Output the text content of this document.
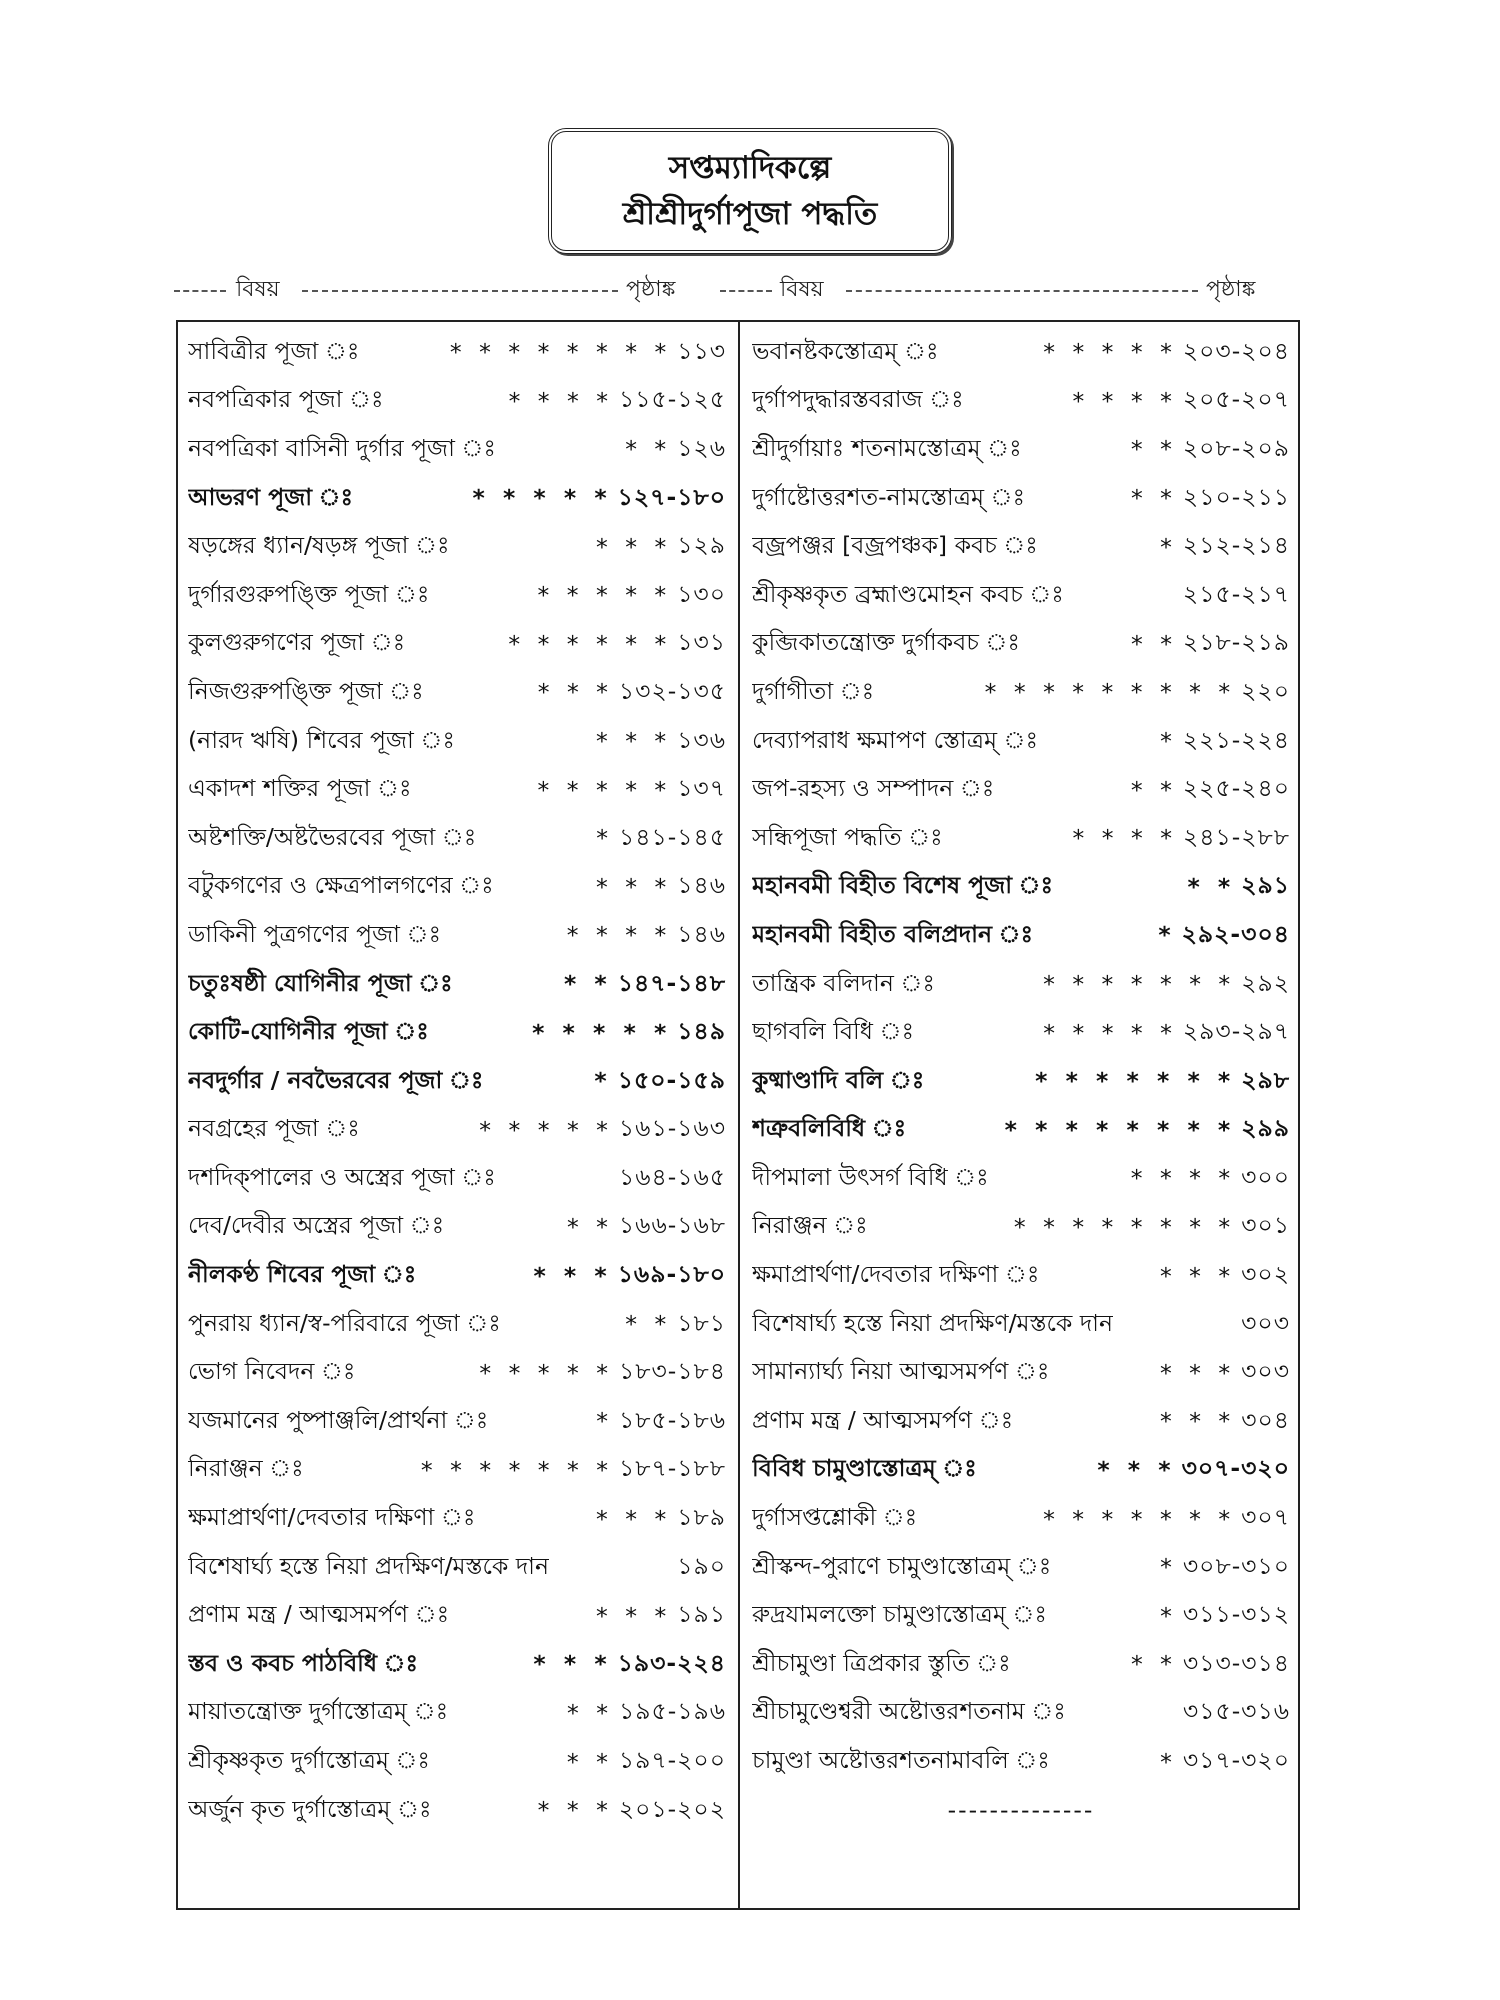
সপ্তম্যাদিকল্পে
শ্রীশ্রীদুর্গাপূজা পদ্ধতি
বিষয়	পৃষ্ঠাঙ্ক	বিষয়	পৃষ্ঠাঙ্ক
সাবিত্রীর পূজা ঃ	* * * * * * * * ১১৩
নবপত্রিকার পূজা ঃ	* * * * ১১৫-১২৫
নবপত্রিকা বাসিনী দুর্গার পূজা ঃ	* * ১২৬
আভরণ পূজা ঃ	* * * * * ১২৭-১৮০
ষড়ঙ্গের ধ্যান/ষড়ঙ্গ পূজা ঃ	* * * ১২৯
দুর্গারগুরুপঙ্ক্তি পূজা ঃ	* * * * * ১৩০
কুলগুরুগণের পূজা ঃ	* * * * * * ১৩১
নিজগুরুপঙ্ক্তি পূজা ঃ	* * * ১৩২-১৩৫
(নারদ ঋষি) শিবের পূজা ঃ	* * * ১৩৬
একাদশ শক্তির পূজা ঃ	* * * * * ১৩৭
অষ্টশক্তি/অষ্টভৈরবের পূজা ঃ	* ১৪১-১৪৫
বটুকগণের ও ক্ষেত্রপালগণের ঃ	* * * ১৪৬
ডাকিনী পুত্রগণের পূজা ঃ	* * * * ১৪৬
চতুঃষষ্ঠী যোগিনীর পূজা ঃ	* * ১৪৭-১৪৮
কোটি-যোগিনীর পূজা ঃ	* * * * * ১৪৯
নবদুর্গার / নবভৈরবের পূজা ঃ	* ১৫০-১৫৯
নবগ্রহের পূজা ঃ	* * * * * ১৬১-১৬৩
দশদিক্পালের ও অস্ত্রের পূজা ঃ	১৬৪-১৬৫
দেব/দেবীর অস্ত্রের পূজা ঃ	* * ১৬৬-১৬৮
নীলকণ্ঠ শিবের পূজা ঃ	* * * ১৬৯-১৮০
পুনরায় ধ্যান/স্ব-পরিবারে পূজা ঃ	* * ১৮১
ভোগ নিবেদন ঃ	* * * * * ১৮৩-১৮৪
যজমানের পুষ্পাঞ্জলি/প্রার্থনা ঃ	* ১৮৫-১৮৬
নিরাঞ্জন ঃ	* * * * * * * ১৮৭-১৮৮
ক্ষমাপ্রার্থণা/দেবতার দক্ষিণা ঃ	* * * ১৮৯
বিশেষার্ঘ্য হস্তে নিয়া প্রদক্ষিণ/মস্তকে দান	১৯০
প্রণাম মন্ত্র / আত্মসমর্পণ ঃ	* * * ১৯১
স্তব ও কবচ পাঠবিধি ঃ	* * * ১৯৩-২২৪
মায়াতন্ত্রোক্ত দুর্গাস্তোত্রম্ ঃ	* * ১৯৫-১৯৬
শ্রীকৃষ্ণকৃত দুর্গাস্তোত্রম্ ঃ	* * ১৯৭-২০০
অর্জুন কৃত দুর্গাস্তোত্রম্ ঃ	* * * ২০১-২০২
ভবানষ্টকস্তোত্রম্ ঃ	* * * * * ২০৩-২০৪
দুর্গাপদুদ্ধারস্তবরাজ ঃ	* * * * ২০৫-২০৭
শ্রীদুর্গায়াঃ শতনামস্তোত্রম্ ঃ	* * ২০৮-২০৯
দুর্গাষ্টোত্তরশত-নামস্তোত্রম্ ঃ	* * ২১০-২১১
বজ্রপঞ্জর [বজ্রপঞ্চক] কবচ ঃ	* ২১২-২১৪
শ্রীকৃষ্ণকৃত ব্রহ্মাণ্ডমোহন কবচ ঃ	২১৫-২১৭
কুব্জিকাতন্ত্রোক্ত দুর্গাকবচ ঃ	* * ২১৮-২১৯
দুর্গাগীতা ঃ	* * * * * * * * * ২২০
দেব্যাপরাধ ক্ষমাপণ স্তোত্রম্ ঃ	* ২২১-২২৪
জপ-রহস্য ও সম্পাদন ঃ	* * ২২৫-২৪০
সন্ধিপূজা পদ্ধতি ঃ	* * * * ২৪১-২৮৮
মহানবমী বিহীত বিশেষ পূজা ঃ	* * ২৯১
মহানবমী বিহীত বলিপ্রদান ঃ	* ২৯২-৩০৪
তান্ত্রিক বলিদান ঃ	* * * * * * * ২৯২
ছাগবলি বিধি ঃ	* * * * * ২৯৩-২৯৭
কুষ্মাণ্ডাদি বলি ঃ	* * * * * * * ২৯৮
শত্রুবলিবিধি ঃ	* * * * * * * * ২৯৯
দীপমালা উৎসর্গ বিধি ঃ	* * * * ৩০০
নিরাঞ্জন ঃ	* * * * * * * * ৩০১
ক্ষমাপ্রার্থণা/দেবতার দক্ষিণা ঃ	* * * ৩০২
বিশেষার্ঘ্য হস্তে নিয়া প্রদক্ষিণ/মস্তকে দান	৩০৩
সামান্যার্ঘ্য নিয়া আত্মসমর্পণ ঃ	* * * ৩০৩
প্রণাম মন্ত্র / আত্মসমর্পণ ঃ	* * * ৩০৪
বিবিধ চামুণ্ডাস্তোত্রম্ ঃ	* * * ৩০৭-৩২০
দুর্গাসপ্তশ্লোকী ঃ	* * * * * * * ৩০৭
শ্রীস্কন্দ-পুরাণে চামুণ্ডাস্তোত্রম্ ঃ	* ৩০৮-৩১০
রুদ্রযামলক্তো চামুণ্ডাস্তোত্রম্ ঃ	* ৩১১-৩১২
শ্রীচামুণ্ডা ত্রিপ্রকার স্তুতি ঃ	* * ৩১৩-৩১৪
শ্রীচামুণ্ডেশ্বরী অষ্টোত্তরশতনাম ঃ	৩১৫-৩১৬
চামুণ্ডা অষ্টোত্তরশতনামাবলি ঃ	* ৩১৭-৩২০
--------------
